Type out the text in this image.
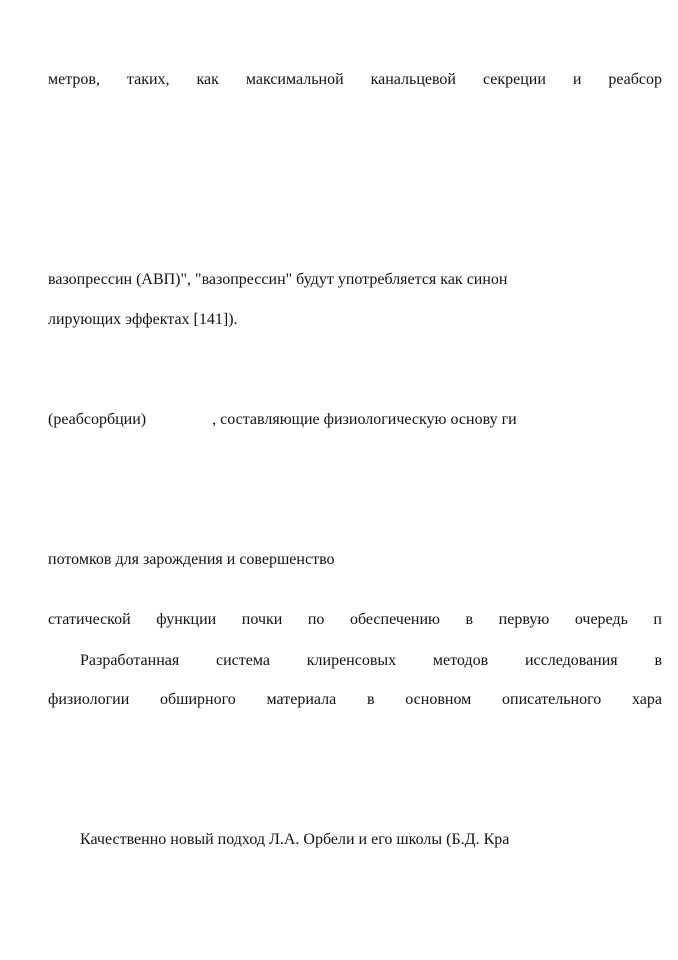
метров, таких, как максимальной канальцевой секреции и реабсор
вазопрессин (АВП)", "вазопрессин" будут употребляется как синон
лирующих эффектах [141]).
(реабсорбции)	, составляющие физиологическую основу ги
потомков для зарождения и совершенство
статической функции почки по обеспечению в первую очередь п
Разработанная система клиренсовых методов исследования в
физиологии обширного материала в основном описательного хара
Качественно новый подход Л.А. Орбели и его школы (Б.Д. Кра
